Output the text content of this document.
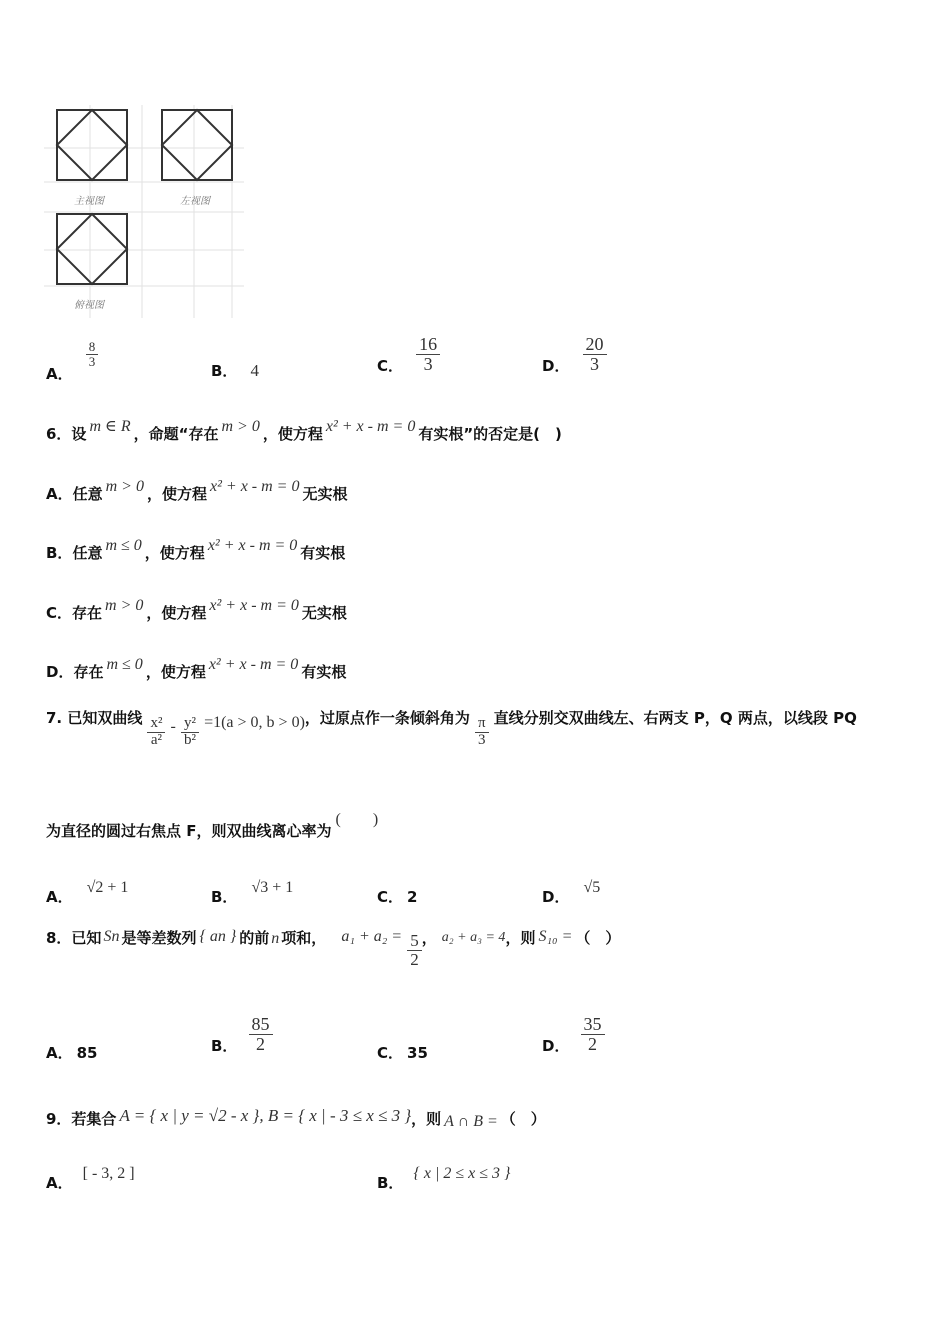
主视图	左视图
俯视图
A．
$\frac{8}{3}$
B． 4	C． $\frac{16}{3}$	D． $\frac{20}{3}$
6．设 m ∈ R ，命题“存在 m > 0 ，使方程 x² + x - m = 0 有实根”的否定是(　)
A．任意 m > 0 ，使方程 x² + x - m = 0 无实根
B．任意 m ≤ 0 ，使方程 x² + x - m = 0 有实根
C．存在 m > 0 ，使方程 x² + x - m = 0 无实根
D．存在 m ≤ 0 ，使方程 x² + x - m = 0 有实根
7. 已知双曲线 $\frac{\text{x²}}{\text{a²}} - \frac{\text{y²}}{\text{b²}} =1(a > 0$, b > 0)，过原点作一条倾斜角为 $\frac{\pi}{3}$ 直线分别交双曲线左、右两支 P，Q 两点，以线段 PQ
为直径的圆过右焦点 F，则双曲线离心率为(　　)
A．√2 + 1
B．√3 + 1
C． 2	D．√5
8．已知 Sn 是等差数列 { an } 的前 n 项和， $a_1 + a_2 = \frac{5}{2}$ ， a₂ + a₃ = 4，则 S₁₀ = （　）
A． 85	B． $\frac{85}{2}$	C． 35	D． $\frac{35}{2}$
9．若集合 A = { x | y = √2 - x }, B = { x | - 3 ≤ x ≤ 3 }，则 A ∩ B = （　）
A．[ - 3, 2 ]
B．{ x | 2 ≤ x ≤ 3 }
